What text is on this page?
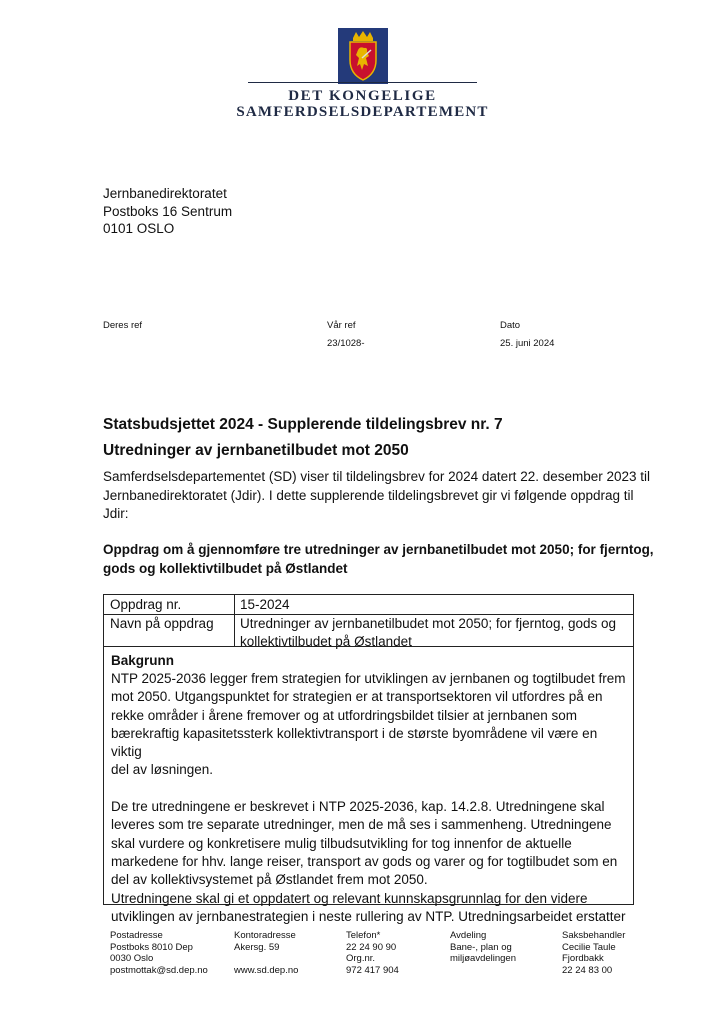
DET KONGELIGE
SAMFERDSELSDEPARTEMENT
Jernbanedirektoratet
Postboks 16 Sentrum
0101 OSLO
Deres ref	Vår ref
23/1028-
Dato
25. juni 2024
Statsbudsjettet 2024 - Supplerende tildelingsbrev nr. 7
Utredninger av jernbanetilbudet mot 2050
Samferdselsdepartementet (SD) viser til tildelingsbrev for 2024 datert 22. desember 2023 til
Jernbanedirektoratet (Jdir). I dette supplerende tildelingsbrevet gir vi følgende oppdrag til
Jdir:
Oppdrag om å gjennomføre tre utredninger av jernbanetilbudet mot 2050; for fjerntog,
gods og kollektivtilbudet på Østlandet
Oppdrag nr.	15-2024
Navn på oppdrag Utredninger av jernbanetilbudet mot 2050; for fjerntog, gods og
kollektivtilbudet på Østlandet
Bakgrunn

NTP 2025-2036 legger frem strategien for utviklingen av jernbanen og togtilbudet frem

mot 2050. Utgangspunktet for strategien er at transportsektoren vil utfordres på en

rekke områder i årene fremover og at utfordringsbildet tilsier at jernbanen som

bærekraftig kapasitetssterk kollektivtransport i de største byområdene vil være en viktig

del av løsningen.

De tre utredningene er beskrevet i NTP 2025-2036, kap. 14.2.8. Utredningene skal

leveres som tre separate utredninger, men de må ses i sammenheng. Utredningene

skal vurdere og konkretisere mulig tilbudsutvikling for tog innenfor de aktuelle

markedene for hhv. lange reiser, transport av gods og varer og for togtilbudet som en

del av kollektivsystemet på Østlandet frem mot 2050.

Utredningene skal gi et oppdatert og relevant kunnskapsgrunnlag for den videre

utviklingen av jernbanestrategien i neste rullering av NTP. Utredningsarbeidet erstatter

Postadresse
Postboks 8010 Dep
0030 Oslo
postmottak@sd.dep.no
Kontoradresse
Akersg. 59
www.sd.dep.no
Telefon*
22 24 90 90
Org.nr.
972 417 904
Avdeling
Bane-, plan og
miljøavdelingen
Saksbehandler
Cecilie Taule
Fjordbakk
22 24 83 00
